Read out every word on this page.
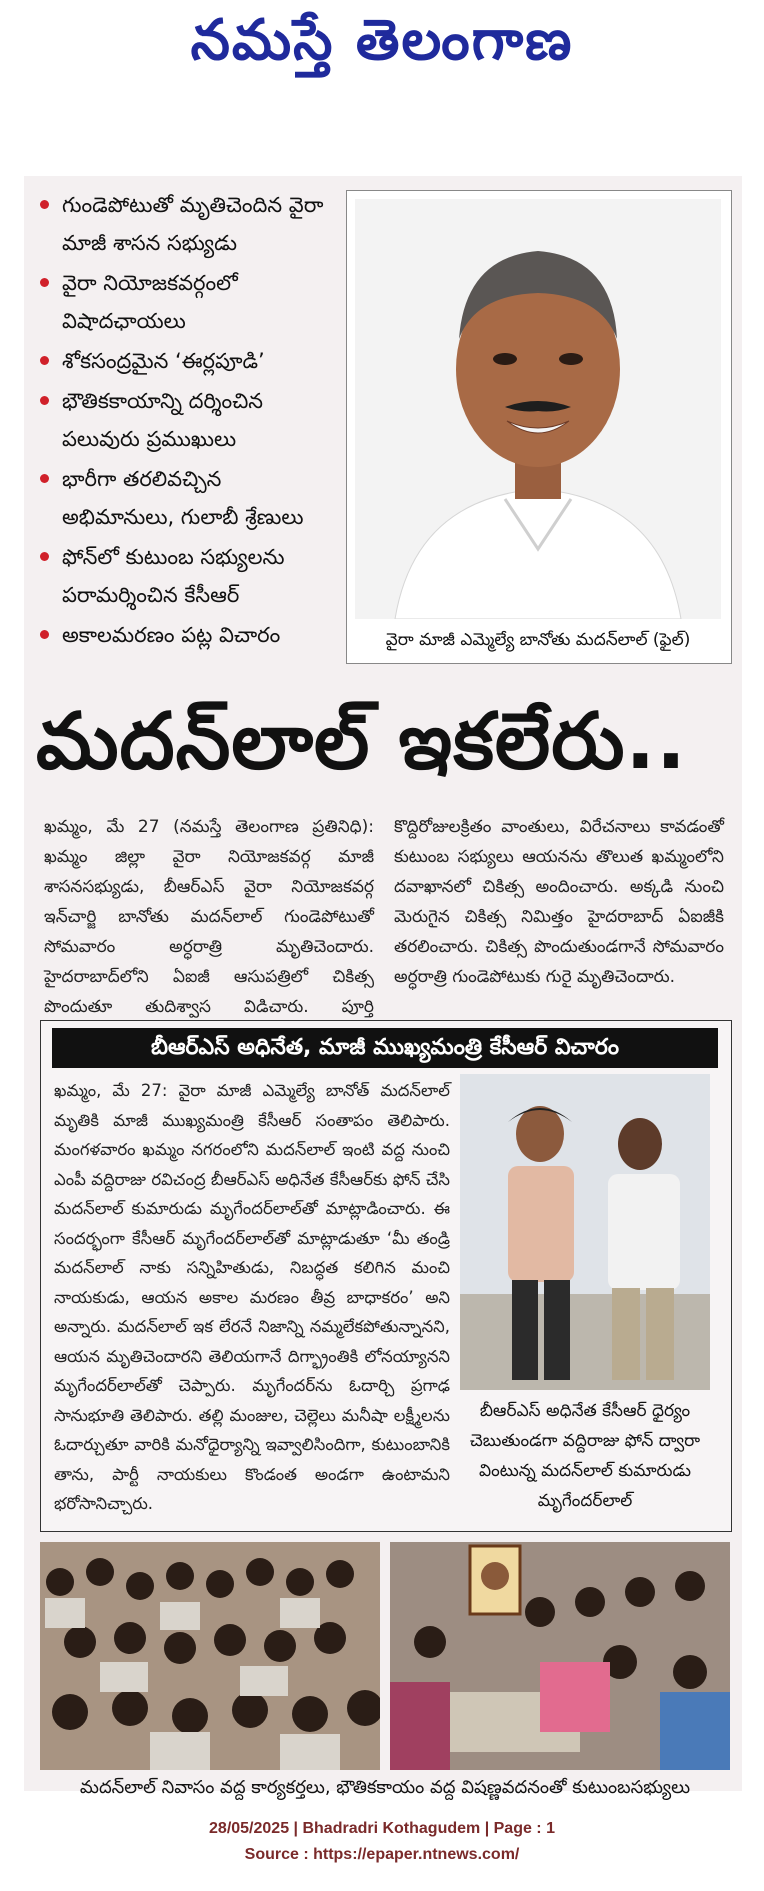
నమస్తే తెలంగాణ
గుండెపోటుతో మృతిచెందిన వైరా మాజీ శాసన సభ్యుడు
వైరా నియోజకవర్గంలో విషాదఛాయలు
శోకసంద్రమైన ‘ఈర్లపూడి’
భౌతికకాయాన్ని దర్శించిన పలువురు ప్రముఖులు
భారీగా తరలివచ్చిన అభిమానులు, గులాబీ శ్రేణులు
ఫోన్‌లో కుటుంబ సభ్యులను పరామర్శించిన కేసీఆర్
అకాలమరణం పట్ల విచారం	వైరా మాజీ ఎమ్మెల్యే బానోతు మదన్‌లాల్ (ఫైల్)
మదన్‌లాల్ ఇకలేరు..
ఖమ్మం, మే 27 (నమస్తే తెలంగాణ ప్రతినిధి): ఖమ్మం జిల్లా వైరా నియోజకవర్గ మాజీ శాసనసభ్యుడు, బీఆర్‌ఎస్ వైరా నియోజకవర్గ ఇన్‌చార్జి బానోతు మదన్‌లాల్ గుండెపోటుతో సోమవారం అర్ధరాత్రి మృతిచెందారు. హైదరాబాద్‌లోని ఏఐజీ ఆసుపత్రిలో చికిత్స పొందుతూ తుదిశ్వాస విడిచారు. పూర్తి
కొద్దిరోజులక్రితం వాంతులు, విరేచనాలు కావడంతో కుటుంబ సభ్యులు ఆయనను తొలుత ఖమ్మంలోని దవాఖానలో చికిత్స అందించారు. అక్కడి నుంచి మెరుగైన చికిత్స నిమిత్తం హైదరాబాద్ ఏఐజీకి తరలించారు. చికిత్స పొందుతుండగానే సోమవారం అర్ధరాత్రి గుండెపోటుకు గురై మృతిచెందారు.
బీఆర్‌ఎస్ అధినేత, మాజీ ముఖ్యమంత్రి కేసీఆర్ విచారం
ఖమ్మం, మే 27: వైరా మాజీ ఎమ్మెల్యే బానోత్ మదన్‌లాల్ మృతికి మాజీ ముఖ్యమంత్రి కేసీఆర్ సంతాపం తెలిపారు. మంగళవారం ఖమ్మం నగరంలోని మదన్‌లాల్ ఇంటి వద్ద నుంచి ఎంపీ వద్దిరాజు రవిచంద్ర బీఆర్‌ఎస్ అధినేత కేసీఆర్‌కు ఫోన్ చేసి మదన్‌లాల్ కుమారుడు మృగేందర్‌లాల్‌తో మాట్లాడించారు. ఈ సందర్భంగా కేసీఆర్ మృగేందర్‌లాల్‌తో మాట్లాడుతూ ‘మీ తండ్రి మదన్‌లాల్ నాకు సన్నిహితుడు, నిబద్ధత కలిగిన మంచి నాయకుడు, ఆయన అకాల మరణం తీవ్ర బాధాకరం’ అని అన్నారు. మదన్‌లాల్ ఇక లేరనే నిజాన్ని నమ్మలేకపోతున్నానని, ఆయన మృతిచెందారని తెలియగానే దిగ్భ్రాంతికి లోనయ్యానని మృగేందర్‌లాల్‌తో చెప్పారు. మృగేందర్‌ను ఓదార్చి ప్రగాఢ సానుభూతి తెలిపారు. తల్లి మంజుల, చెల్లెలు మనీషా లక్ష్మీలను ఓదార్చుతూ వారికి మనోధైర్యాన్ని ఇవ్వాలిసిందిగా, కుటుంబానికి తాను, పార్టీ నాయకులు కొండంత అండగా ఉంటామని భరోసానిచ్చారు.
బీఆర్‌ఎస్ అధినేత కేసీఆర్ ధైర్యం చెబుతుండగా వద్దిరాజు ఫోన్ ద్వారా వింటున్న మదన్‌లాల్ కుమారుడు మృగేందర్‌లాల్
మదన్‌లాల్ నివాసం వద్ద కార్యకర్తలు, భౌతికకాయం వద్ద విషణ్ణవదనంతో కుటుంబసభ్యులు
28/05/2025 | Bhadradri Kothagudem | Page : 1
Source : https://epaper.ntnews.com/
